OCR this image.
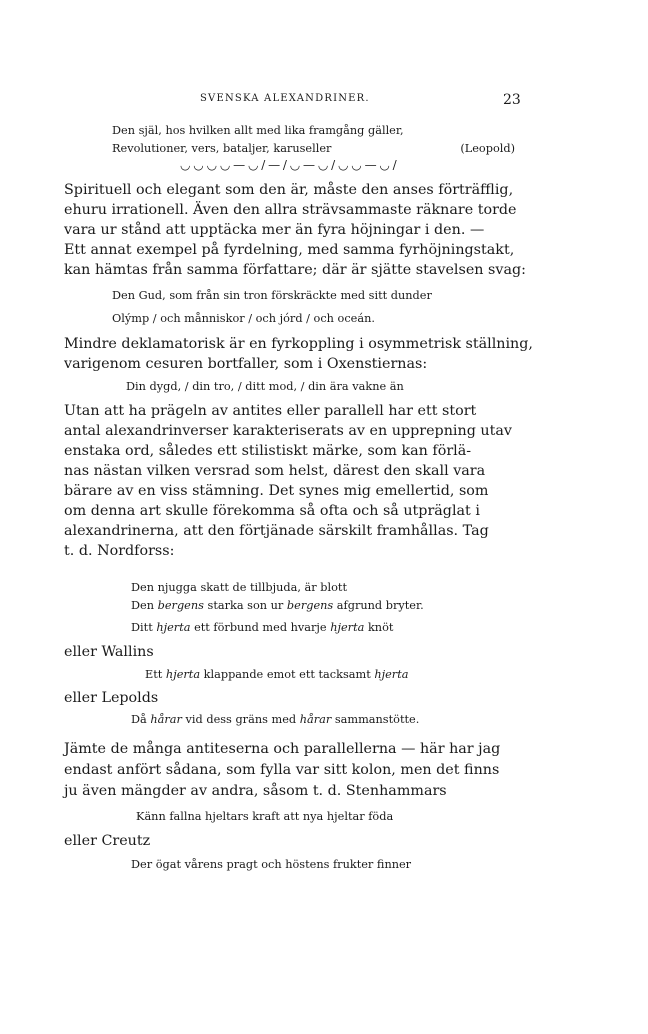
SVENSKA ALEXANDRINER.	23
Den själ, hos hvilken allt med lika framgång gäller,
Revolutioner, vers, bataljer, karuseller	(Leopold)
◡ ◡ ◡ ◡ — ◡ / — / ◡ — ◡ / ◡ ◡ — ◡ /
Spirituell och elegant som den är, måste den anses förträfflig,
ehuru irrationell. Även den allra strävsammaste räknare torde
vara ur stånd att upptäcka mer än fyra höjningar i den. —
Ett annat exempel på fyrdelning, med samma fyrhöjningstakt,
kan hämtas från samma författare; där är sjätte stavelsen svag:
Den Gud, som från sin tron förskräckte med sitt dunder
Olýmp / och månniskor / och jórd / och oceán.
Mindre deklamatorisk är en fyrkoppling i osymmetrisk ställning,
varigenom cesuren bortfaller, som i Oxenstiernas:
Din dygd, / din tro, / ditt mod, / din ära vakne än
Utan att ha prägeln av antites eller parallell har ett stort
antal alexandrinverser karakteriserats av en upprepning utav
enstaka ord, således ett stilistiskt märke, som kan förlä-
nas nästan vilken versrad som helst, därest den skall vara
bärare av en viss stämning. Det synes mig emellertid, som
om denna art skulle förekomma så ofta och så utpräglat i
alexandrinerna, att den förtjänade särskilt framhållas. Tag
t. d. Nordforss:
Den njugga skatt de tillbjuda, är blott
Den bergens starka son ur bergens afgrund bryter.
Ditt hjerta ett förbund med hvarje hjerta knöt
eller Wallins
Ett hjerta klappande emot ett tacksamt hjerta
eller Lepolds
Då hårar vid dess gräns med hårar sammanstötte.
Jämte de många antiteserna och parallellerna — här har jag
endast anfört sådana, som fylla var sitt kolon, men det finns
ju även mängder av andra, såsom t. d. Stenhammars
Känn fallna hjeltars kraft att nya hjeltar föda
eller Creutz
Der ögat vårens pragt och höstens frukter finner
